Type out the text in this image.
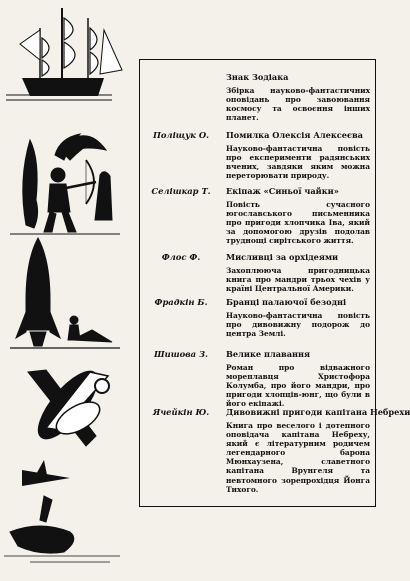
Знак Зодіака
Збірка науково-фантастичних оповідань про завоювання космосу та освоєння інших планет.
Поліщук О.	Помилка Олексія Алексеєва
Науково-фантастична повість про експерименти радянських вчених, завдяки яким можна переторювати природу.
Селішкар Т.	Екіпаж «Синьої чайки»
Повість сучасного югославського письменника про пригоди хлопчика Іва, який за допомогою друзів подолав труднощі сирітського життя.
Флос Ф.	Мисливці за орхідеями
Захоплююча пригодницька книга про мандри трьох чехів у країні Центральної Америки.
Фрадкін Б.	Бранці палаючої безодні
Науково-фантастична повість про дивовижну подорож до центра Землі.
Шишова З.	Велике плавання
Роман про відважного мореплавця Христофора Колумба, про його мандри, про пригоди хлопців-юнг, що були в його екіпажі.
Ячейкін Ю.	Дивовижні пригоди капітана Небрехи
Книга про веселого і дотепного оповідача капітана Небреху, який є літературним родичем легендарного барона Мюнхаузена, славетного капітана Врунгеля та невтомного зорепрохідця Йонга Тихого.
